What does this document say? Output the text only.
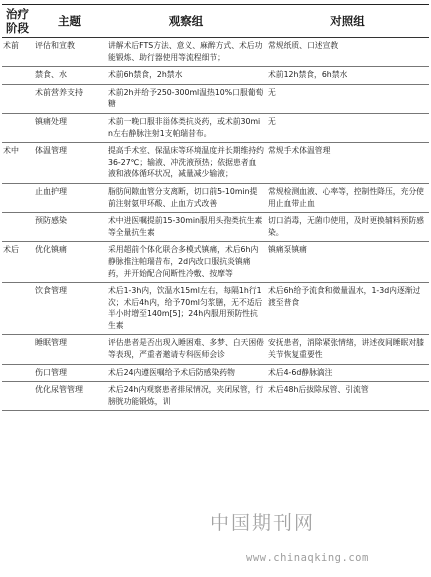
治疗阶段	主题	观察组	对照组
术前	评估和宣教	讲解术后FTS方法、意义、麻醉方式、术后功能锻炼、助行器使用等流程细节；	常规纸质、口述宣教
	禁食、水	术前6h禁食，2h禁水	术前12h禁食，6h禁水
	术前营养支持	术前2h并给予250-300ml温热10%口服葡萄糖	无
	镇痛处理	术前一晚口服非甾体类抗炎药，或术前30min左右静脉注射1支帕瑞昔布。	无
术中	体温管理	提高手术室、保温床等环境温度并长期维持约36-27℃；输液、冲洗液预热；依据患者血液和液体循环状况，减量减少输液；	常规手术体温管理
	止血护理	脂肪间隙血管分支离断，切口前5-10min提前注射氨甲环酸、止血方式改善	常规检测血液、心率等，控制性降压，充分使用止血带止血
	预防感染	术中进医嘱提前15-30min服用头孢类抗生素等全量抗生素	切口消毒，无菌巾使用，及时更换辅料预防感染。
术后	优化镇痛	采用超前个体化联合多模式镇痛，术后6h内静脉推注帕瑞昔布，2d内改口服抗炎镇痛药，并开始配合间断性冷敷、按摩等	镇痛泵镇痛
	饮食管理	术后1-3h内，饮温水15ml左右，每隔1h行1次；术后4h内，给予70ml匀浆膳，无不适后半小时增至140m[5]；24h内服用预防性抗生素	术后6h给予流食和微量温水，1-3d内逐渐过渡至普食
	睡眠管理	评估患者是否出现入睡困难、多梦、白天困倦等表现，严重者邀请专科医师会诊	安抚患者，消除紧张情绪，讲述夜间睡眠对膝关节恢复重要性
	伤口管理	术后24内遵医嘱给予术后防感染药物	术后4-6d静脉滴注
	优化尿管管理	术后24h内观察患者排尿情况，夹闭尿管，行膀胱功能锻炼，训	术后48h后拔除尿管、引流管
中国期刊网
www.chinaqking.com
